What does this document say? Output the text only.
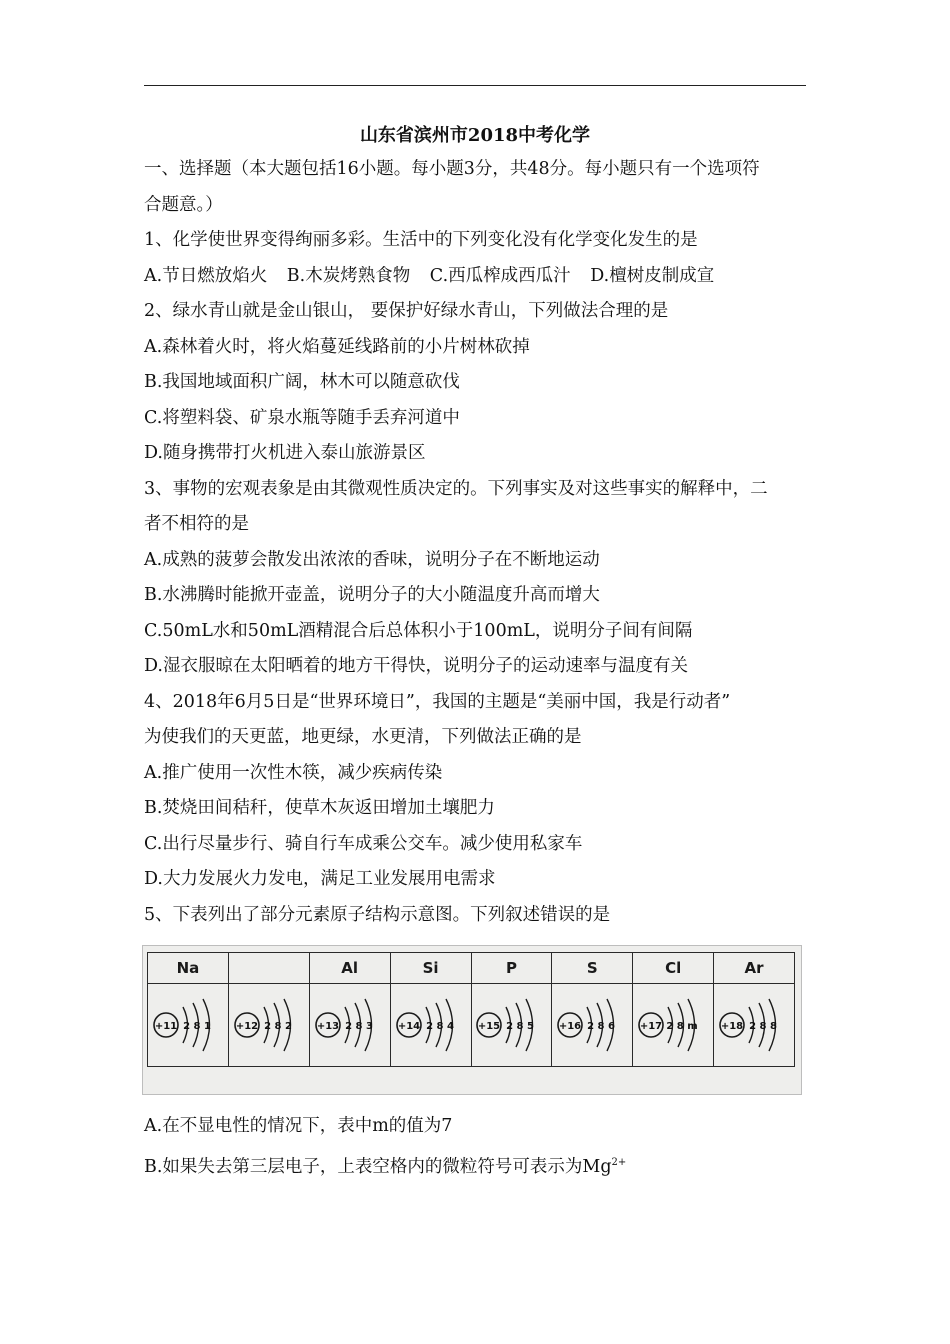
山东省滨州市2018中考化学
一、选择题（本大题包括16小题。每小题3分，共48分。每小题只有一个选项符
合题意。）
1、化学使世界变得绚丽多彩。生活中的下列变化没有化学变化发生的是
A.节日燃放焰火 B.木炭烤熟食物 C.西瓜榨成西瓜汁 D.檀树皮制成宣
2、绿水青山就是金山银山， 要保护好绿水青山，下列做法合理的是
A.森林着火时，将火焰蔓延线路前的小片树林砍掉
B.我国地域面积广阔，林木可以随意砍伐
C.将塑料袋、矿泉水瓶等随手丢弃河道中
D.随身携带打火机进入泰山旅游景区
3、事物的宏观表象是由其微观性质决定的。下列事实及对这些事实的解释中，二
者不相符的是
A.成熟的菠萝会散发出浓浓的香味，说明分子在不断地运动
B.水沸腾时能掀开壶盖，说明分子的大小随温度升高而增大
C.50mL水和50mL酒精混合后总体积小于100mL，说明分子间有间隔
D.湿衣服晾在太阳晒着的地方干得快，说明分子的运动速率与温度有关
4、2018年6月5日是“世界环境日”，我国的主题是“美丽中国，我是行动者”
为使我们的天更蓝，地更绿，水更清，下列做法正确的是
A.推广使用一次性木筷，减少疾病传染
B.焚烧田间秸秆，使草木灰返田增加土壤肥力
C.出行尽量步行、骑自行车成乘公交车。减少使用私家车
D.大力发展火力发电，满足工业发展用电需求
5、下表列出了部分元素原子结构示意图。下列叙述错误的是
Na		Al	Si	P	S	Cl	Ar

+11 2 8 1	+12 2 8 2	+13 2 8 3	+14 2 8 4	+15 2 8 5	+16 2 8 6	+17 2 8 m	+18 2 8 8
A.在不显电性的情况下，表中m的值为7
B.如果失去第三层电子，上表空格内的微粒符号可表示为$Mg^{2+}$
